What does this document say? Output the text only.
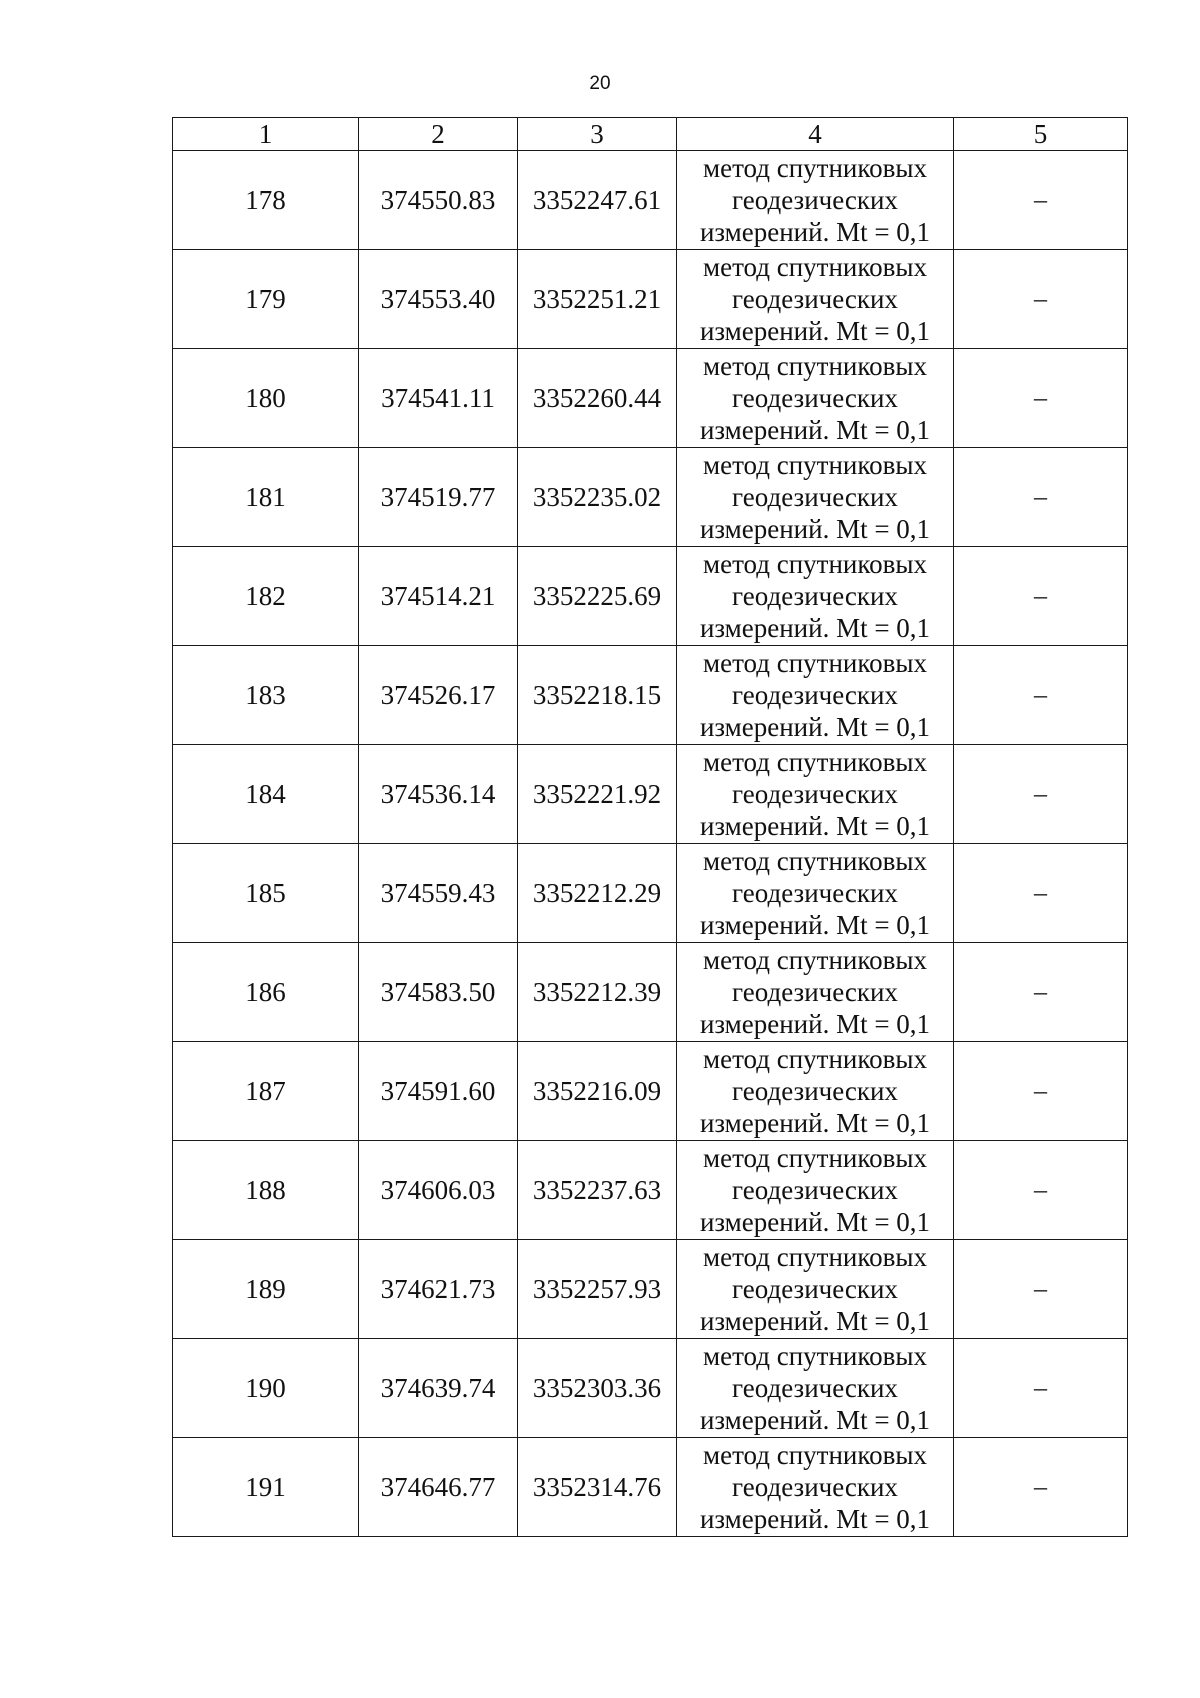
20
1	2	3	4	5
178	374550.83	3352247.61	метод спутниковых
геодезических
измерений. Mt = 0,1	–
179	374553.40	3352251.21	метод спутниковых
геодезических
измерений. Mt = 0,1	–
180	374541.11	3352260.44	метод спутниковых
геодезических
измерений. Mt = 0,1	–
181	374519.77	3352235.02	метод спутниковых
геодезических
измерений. Mt = 0,1	–
182	374514.21	3352225.69	метод спутниковых
геодезических
измерений. Mt = 0,1	–
183	374526.17	3352218.15	метод спутниковых
геодезических
измерений. Mt = 0,1	–
184	374536.14	3352221.92	метод спутниковых
геодезических
измерений. Mt = 0,1	–
185	374559.43	3352212.29	метод спутниковых
геодезических
измерений. Mt = 0,1	–
186	374583.50	3352212.39	метод спутниковых
геодезических
измерений. Mt = 0,1	–
187	374591.60	3352216.09	метод спутниковых
геодезических
измерений. Mt = 0,1	–
188	374606.03	3352237.63	метод спутниковых
геодезических
измерений. Mt = 0,1	–
189	374621.73	3352257.93	метод спутниковых
геодезических
измерений. Mt = 0,1	–
190	374639.74	3352303.36	метод спутниковых
геодезических
измерений. Mt = 0,1	–
191	374646.77	3352314.76	метод спутниковых
геодезических
измерений. Mt = 0,1	–
